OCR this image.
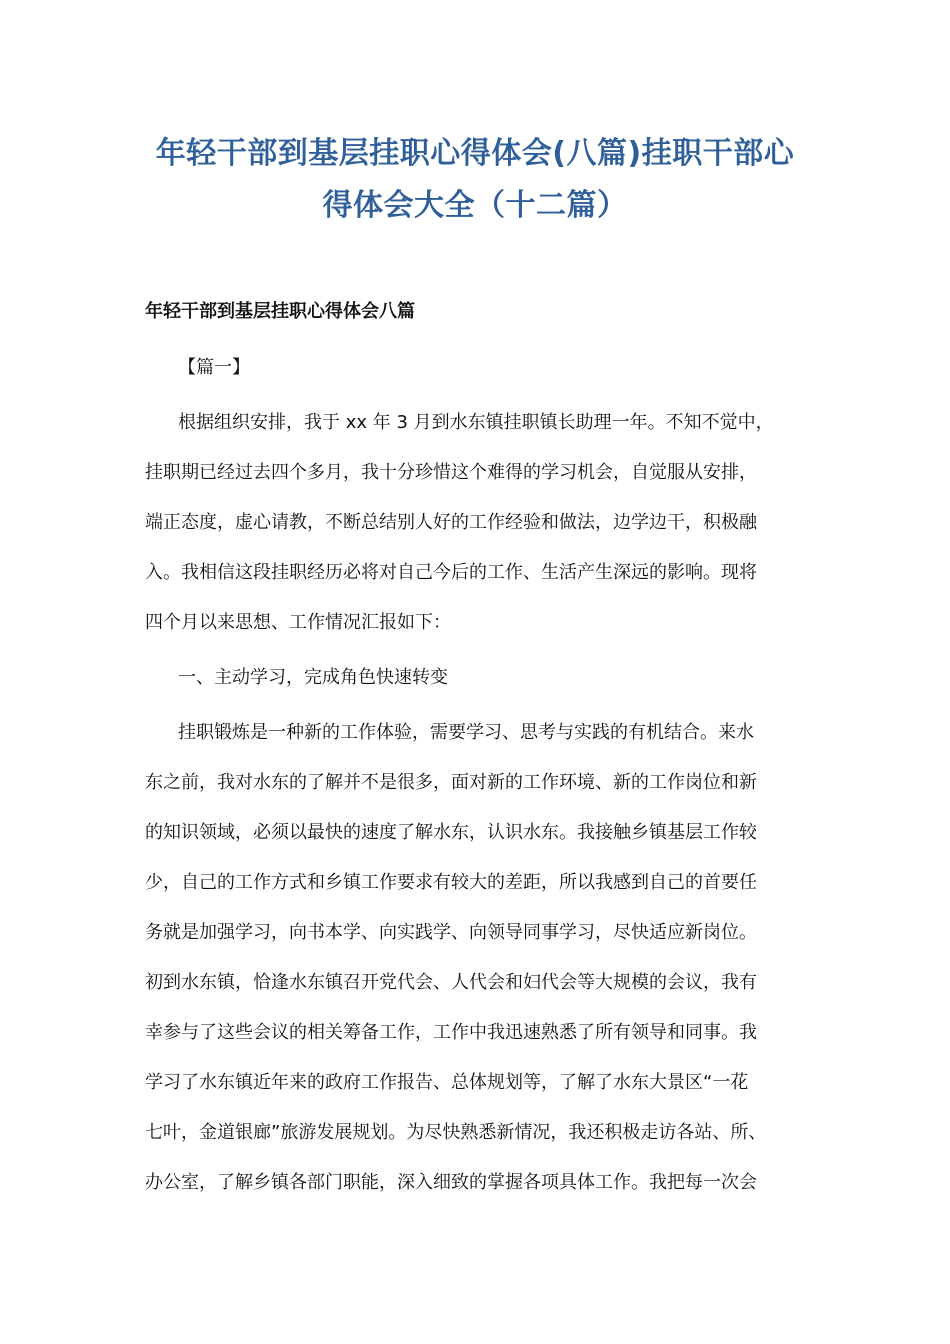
年轻干部到基层挂职心得体会(八篇)挂职干部心
得体会大全（十二篇）
年轻干部到基层挂职心得体会八篇

【篇一】

根据组织安排，我于 xx 年 3 月到水东镇挂职镇长助理一年。不知不觉中，
挂职期已经过去四个多月，我十分珍惜这个难得的学习机会，自觉服从安排，
端正态度，虚心请教，不断总结别人好的工作经验和做法，边学边干，积极融
入。我相信这段挂职经历必将对自己今后的工作、生活产生深远的影响。现将
四个月以来思想、工作情况汇报如下：

一、主动学习，完成角色快速转变

挂职锻炼是一种新的工作体验，需要学习、思考与实践的有机结合。来水
东之前，我对水东的了解并不是很多，面对新的工作环境、新的工作岗位和新
的知识领域，必须以最快的速度了解水东，认识水东。我接触乡镇基层工作较
少，自己的工作方式和乡镇工作要求有较大的差距，所以我感到自己的首要任
务就是加强学习，向书本学、向实践学、向领导同事学习，尽快适应新岗位。
初到水东镇，恰逢水东镇召开党代会、人代会和妇代会等大规模的会议，我有
幸参与了这些会议的相关筹备工作，工作中我迅速熟悉了所有领导和同事。我
学习了水东镇近年来的政府工作报告、总体规划等，了解了水东大景区“一花
七叶，金道银廊”旅游发展规划。为尽快熟悉新情况，我还积极走访各站、所、
办公室，了解乡镇各部门职能，深入细致的掌握各项具体工作。我把每一次会
